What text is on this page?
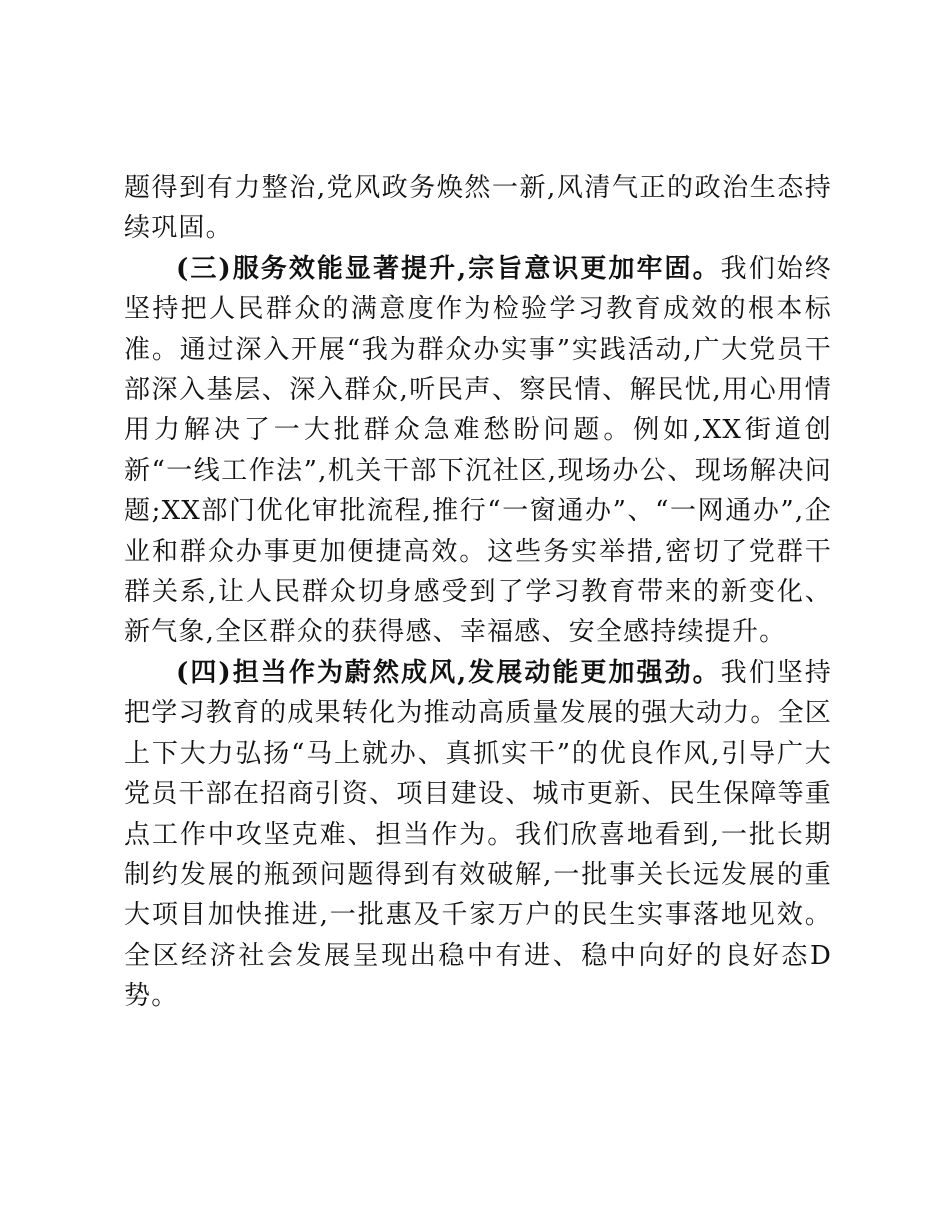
题得到有力整治,党风政务焕然一新,风清气正的政治生态持续巩固。

(三)服务效能显著提升,宗旨意识更加牢固。我们始终坚持把人民群众的满意度作为检验学习教育成效的根本标准。通过深入开展“我为群众办实事”实践活动,广大党员干部深入基层、深入群众,听民声、察民情、解民忧,用心用情用力解决了一大批群众急难愁盼问题。例如,XX街道创新“一线工作法”,机关干部下沉社区,现场办公、现场解决问题;XX部门优化审批流程,推行“一窗通办”、“一网通办”,企业和群众办事更加便捷高效。这些务实举措,密切了党群干群关系,让人民群众切身感受到了学习教育带来的新变化、新气象,全区群众的获得感、幸福感、安全感持续提升。

(四)担当作为蔚然成风,发展动能更加强劲。我们坚持把学习教育的成果转化为推动高质量发展的强大动力。全区上下大力弘扬“马上就办、真抓实干”的优良作风,引导广大党员干部在招商引资、项目建设、城市更新、民生保障等重点工作中攻坚克难、担当作为。我们欣喜地看到,一批长期制约发展的瓶颈问题得到有效破解,一批事关长远发展的重大项目加快推进,一批惠及千家万户的民生实事落地见效。全区经济社会发展呈现出稳中有进、稳中向好的良好态D势。
